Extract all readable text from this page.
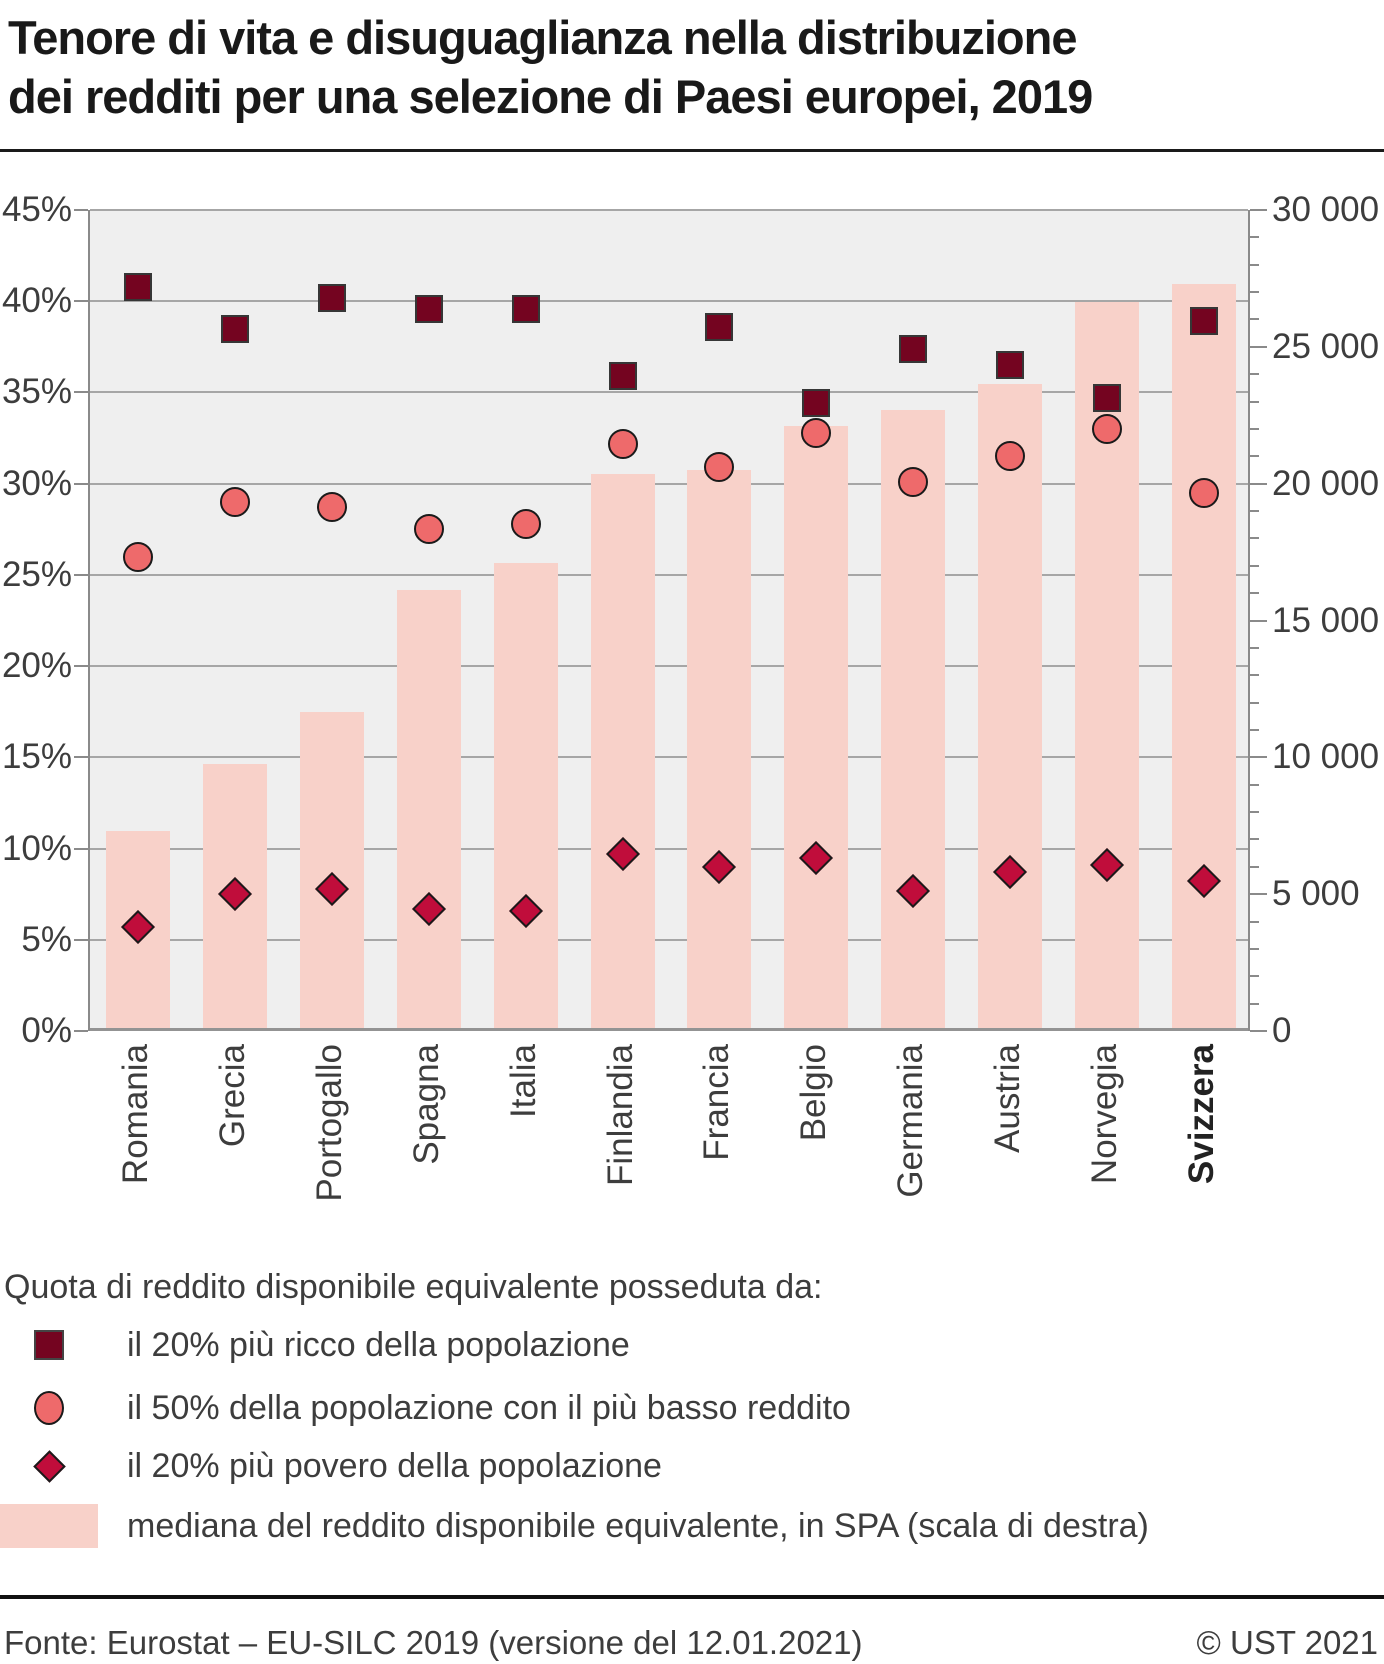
Tenore di vita e disuguaglianza nella distribuzione
dei redditi per una selezione di Paesi europei, 2019
Quota di reddito disponibile equivalente posseduta da:
il 20% più ricco della popolazione
il 50% della popolazione con il più basso reddito
il 20% più povero della popolazione
mediana del reddito disponibile equivalente, in SPA (scala di destra)
Fonte: Eurostat – EU-SILC 2019 (versione del 12.01.2021)	© UST 2021
45%
40%
35%
30%
25%
20%
15%
10%
5%
0%
30 000
25 000
20 000
15 000
10 000
5 000
0
Romania Grecia Portogallo Spagna Italia Finlandia Francia Belgio Germania Austria Norvegia Svizzera
